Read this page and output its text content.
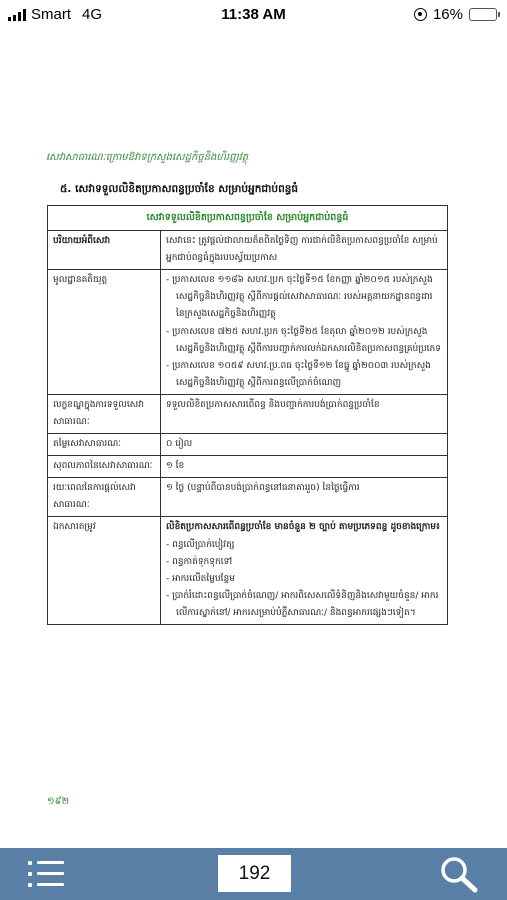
Smart 4G	11:38 AM	16%
សេវាសាធារណៈក្រោមឱវាទក្រសួងសេដ្ឋកិច្ចនិងហិរញ្ញវត្ថុ
៥. សេវាទទួលលិខិតប្រកាសពន្ធប្រចាំខែ សម្រាប់អ្នកជាប់ពន្ធធំ
សេវាទទួលលិខិតប្រកាសពន្ធប្រចាំខែ សម្រាប់អ្នកជាប់ពន្ធធំ	
បរិយាយអំពីសេវា	សេវានេះ ត្រូវផ្ដល់ជាលាយត៏តពិតថ្ងៃទិញ ការជាក់លិខិតប្រកាសពន្ធប្រចាំខែ សម្រាប់អ្នកជាប់ពន្ធធំក្នុងរបបស្វ័យប្រកាស
មូលដ្ឋានគតិយុត្ត	- ប្រកាសលេខ ១១៨៦ សហវ.ប្រក ចុះថ្ងៃទី១៥ ខែកញ្ញា ឆ្នាំ២០១៥ របស់ក្រសួងសេដ្ឋកិច្ចនិងហិរញ្ញវត្ថុ ស្ដីពីការផ្ដល់សេវាសាធារណៈ របស់អគ្គនាយកដ្ឋានពន្ធដារ នៃក្រសួងសេដ្ឋកិច្ចនិងហិរញ្ញវត្ថុ
- ប្រកាសលេខ ៧២៥ សហវ.ប្រក ចុះថ្ងៃទី២៥ ខែតុលា ឆ្នាំ២០១២ របស់ក្រសួងសេដ្ឋកិច្ចនិងហិរញ្ញវត្ថុ ស្ដីពីការបញ្ជាក់ការលក់ឯកសារលិខិតប្រកាសពន្ធគ្រប់ប្រភេទ
- ប្រកាសលេខ ១០៥៩ សហវ.ប្រ.ពធ ចុះថ្ងៃទី១២ ខែធ្នូ ឆ្នាំ២០០៣ របស់ក្រសួងសេដ្ឋកិច្ចនិងហិរញ្ញវត្ថុ ស្ដីពីការពន្ធលើប្រាក់ចំណេញ

លក្ខខណ្ឌក្នុងការទទួលសេវាសាធារណៈ	ទទួលលិខិតប្រកាសសារពើពន្ធ និងបញ្ជាក់ការបង់ប្រាក់ពន្ធប្រចាំខែ
តម្លៃសេវាសាធារណៈ	០ រៀល
សុពលភាពនៃសេវាសាធារណៈ	១ ខែ
រយៈពេលនៃការផ្ដល់សេវាសាធារណៈ	១ ថ្ងៃ (បន្ទាប់ពីបានបង់ប្រាក់ពន្ធនៅធនាគាររួច) នៃថ្ងៃធ្វើការ
ឯកសារតម្រូវ	លិខិតប្រកាសសារពើពន្ធប្រចាំខែ មានចំនួន ២ ច្បាប់ តាមប្រភេទពន្ធ ដូចខាងក្រោម៖
- ពន្ធលើប្រាក់បៀវត្ស
- ពន្ធកាត់ទុកទុកទៅ
- អាករលើតម្លៃបន្ថែម
- ប្រាក់រំដោះពន្ធលើប្រាក់ចំណេញ/ អាករពិសេសលើទំនិញនិងសេវាមួយចំនួន/ អាករលើការស្នាក់នៅ/ អាករសម្រាប់បំភ្លឺសាធារណៈ/ និងពន្ធអាករផ្សេងៗទៀត។
១៩២
192
